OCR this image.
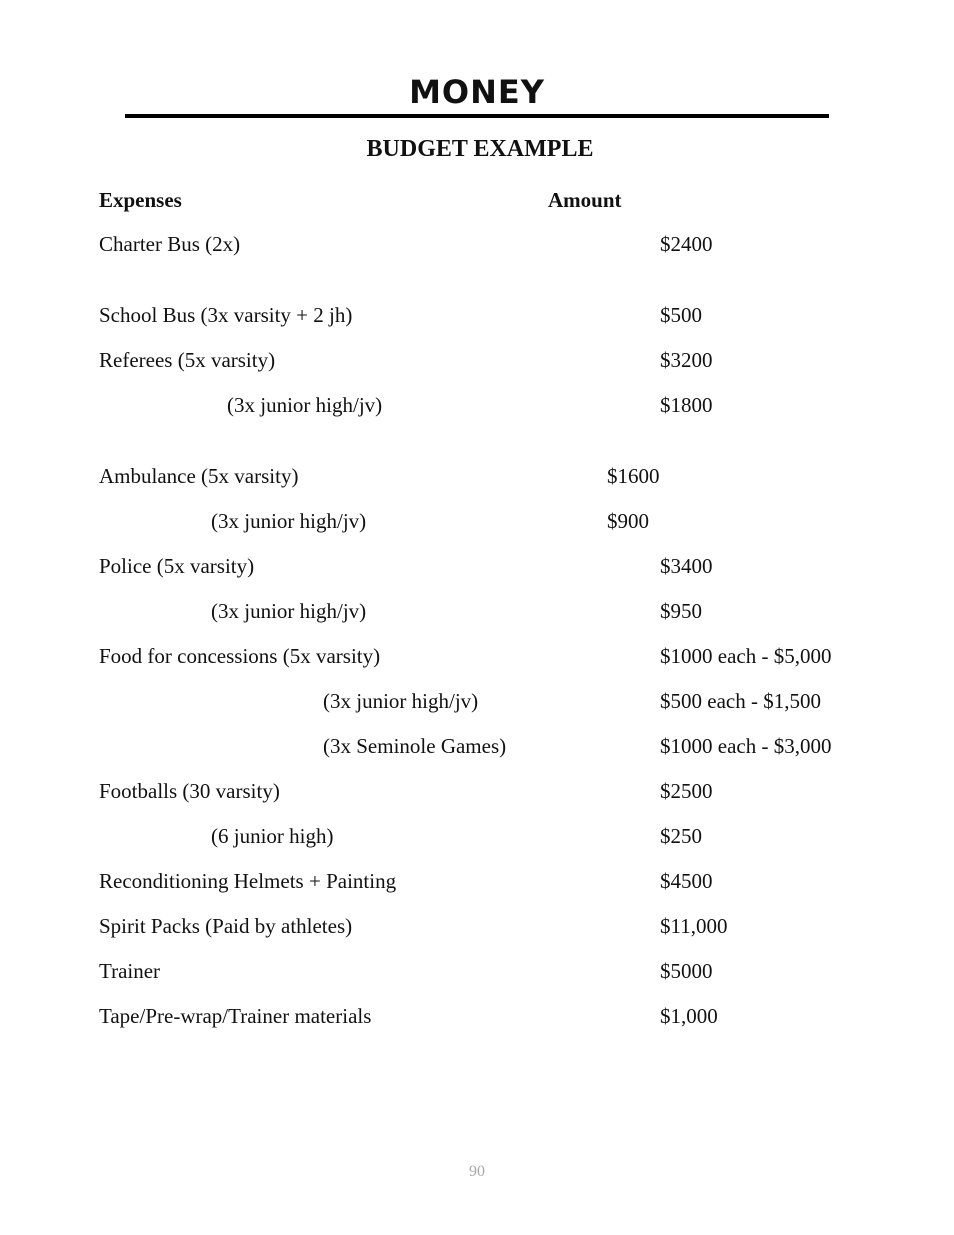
MONEY
BUDGET EXAMPLE
Expenses	Amount
Charter Bus (2x)	$2400
School Bus (3x varsity + 2 jh)	$500
Referees (5x varsity)	$3200
(3x junior high/jv)	$1800
Ambulance (5x varsity)	$1600
(3x junior high/jv)	$900
Police (5x varsity)	$3400
(3x junior high/jv)	$950
Food for concessions (5x varsity)	$1000 each - $5,000
(3x junior high/jv)	$500 each - $1,500
(3x Seminole Games)	$1000 each - $3,000
Footballs (30 varsity)	$2500
(6 junior high)	$250
Reconditioning Helmets + Painting	$4500
Spirit Packs (Paid by athletes)	$11,000
Trainer	$5000
Tape/Pre-wrap/Trainer materials	$1,000
90
